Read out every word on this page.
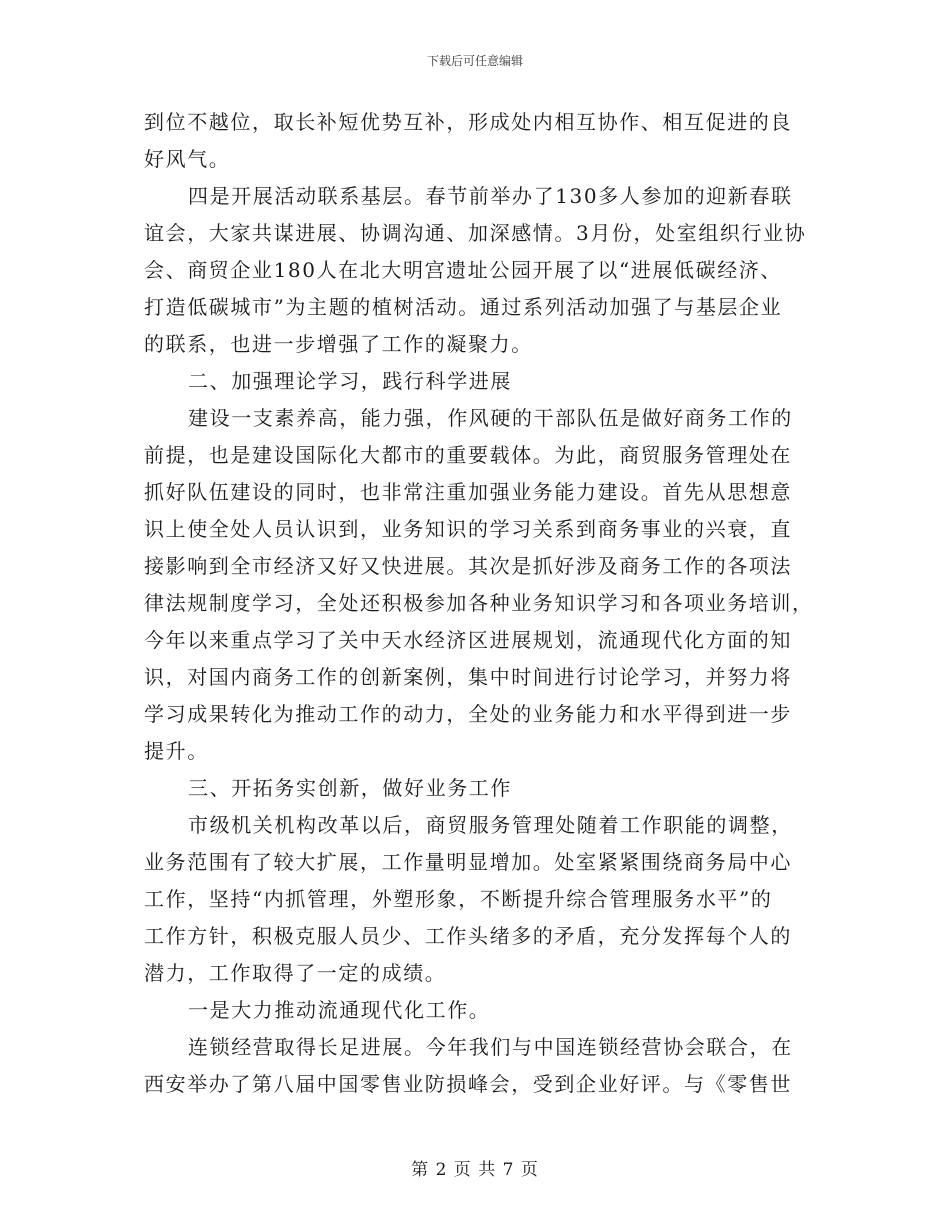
下载后可任意编辑
到位不越位，取长补短优势互补，形成处内相互协作、相互促进的良
好风气。
四是开展活动联系基层。春节前举办了130多人参加的迎新春联
谊会，大家共谋进展、协调沟通、加深感情。3月份，处室组织行业协
会、商贸企业180人在北大明宫遗址公园开展了以“进展低碳经济、
打造低碳城市”为主题的植树活动。通过系列活动加强了与基层企业
的联系，也进一步增强了工作的凝聚力。
二、加强理论学习，践行科学进展
建设一支素养高，能力强，作风硬的干部队伍是做好商务工作的
前提，也是建设国际化大都市的重要载体。为此，商贸服务管理处在
抓好队伍建设的同时，也非常注重加强业务能力建设。首先从思想意
识上使全处人员认识到，业务知识的学习关系到商务事业的兴衰，直
接影响到全市经济又好又快进展。其次是抓好涉及商务工作的各项法
律法规制度学习，全处还积极参加各种业务知识学习和各项业务培训，
今年以来重点学习了关中天水经济区进展规划，流通现代化方面的知
识，对国内商务工作的创新案例，集中时间进行讨论学习，并努力将
学习成果转化为推动工作的动力，全处的业务能力和水平得到进一步
提升。
三、开拓务实创新，做好业务工作
市级机关机构改革以后，商贸服务管理处随着工作职能的调整，
业务范围有了较大扩展，工作量明显增加。处室紧紧围绕商务局中心
工作，坚持“内抓管理，外塑形象，不断提升综合管理服务水平”的
工作方针，积极克服人员少、工作头绪多的矛盾，充分发挥每个人的
潜力，工作取得了一定的成绩。
一是大力推动流通现代化工作。
连锁经营取得长足进展。今年我们与中国连锁经营协会联合，在
西安举办了第八届中国零售业防损峰会，受到企业好评。与《零售世
第 2 页 共 7 页
